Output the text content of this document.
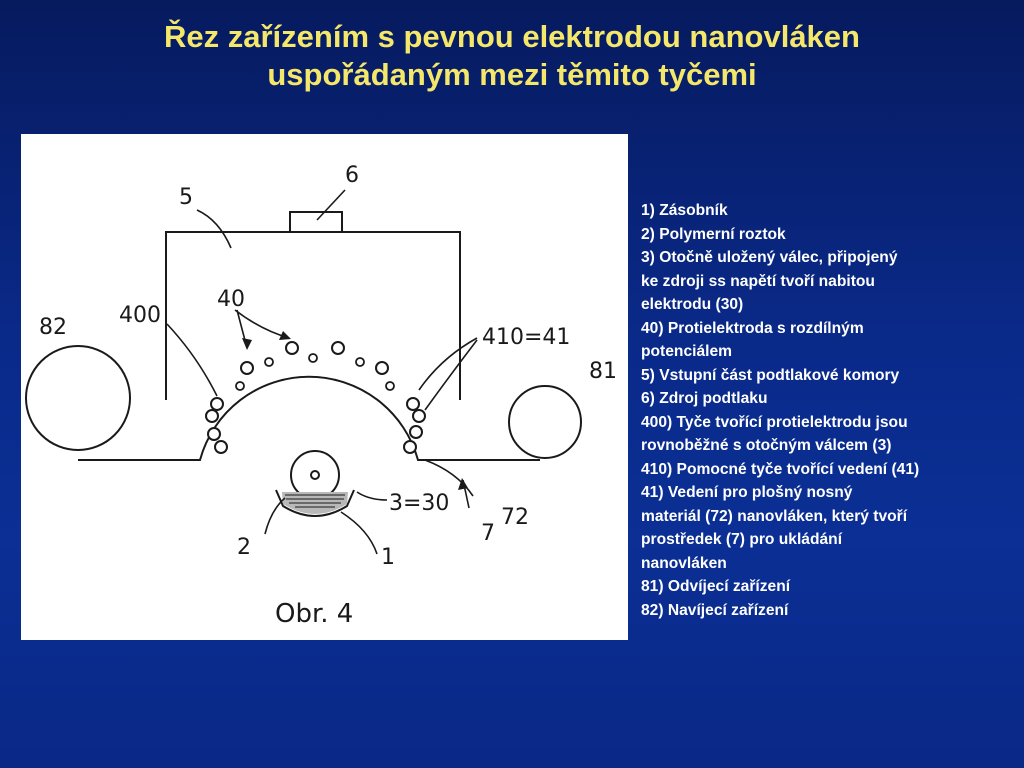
Řez zařízením s pevnou elektrodou nanovláken
uspořádaným mezi těmito tyčemi
6
5
40
400
82	410=41
81
3=30
72
7
2	1
Obr. 4
1) Zásobník
2) Polymerní roztok
3) Otočně uložený válec, připojený
ke zdroji ss napětí tvoří nabitou
elektrodu (30)
40) Protielektroda s rozdílným
potenciálem
5) Vstupní část podtlakové komory
6) Zdroj podtlaku
400) Tyče tvořící protielektrodu jsou
rovnoběžné s otočným válcem (3)
410) Pomocné tyče tvořící vedení (41)
41) Vedení pro plošný nosný
materiál (72) nanovláken, který tvoří
prostředek (7) pro ukládání
nanovláken
81) Odvíjecí zařízení
82) Navíjecí zařízení
